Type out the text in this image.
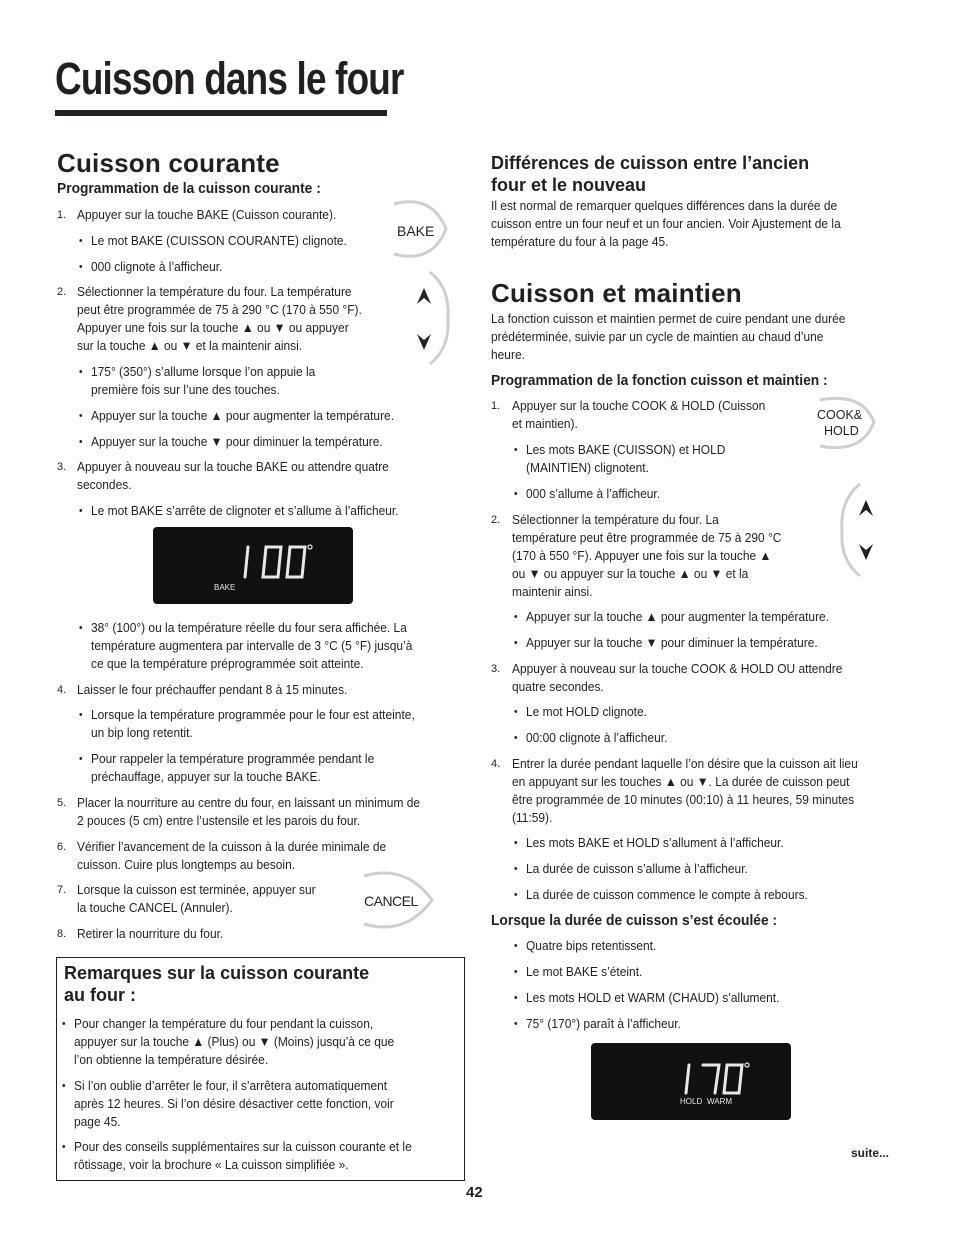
Cuisson dans le four
Cuisson courante
Programmation de la cuisson courante :
1. Appuyer sur la touche BAKE (Cuisson courante).
• Le mot BAKE (CUISSON COURANTE) clignote.
• 000 clignote à l’afficheur.
2. Sélectionner la température du four. La température
peut être programmée de 75 à 290 °C (170 à 550 °F).
Appuyer une fois sur la touche ▲ ou ▼ ou appuyer
sur la touche ▲ ou ▼ et la maintenir ainsi.
• 175° (350°) s’allume lorsque l’on appuie la
première fois sur l’une des touches.
• Appuyer sur la touche ▲ pour augmenter la température.
• Appuyer sur la touche ▼ pour diminuer la température.
3. Appuyer à nouveau sur la touche BAKE ou attendre quatre
secondes.
• Le mot BAKE s’arrête de clignoter et s’allume à l’afficheur.
BAKE
100
• 38° (100°) ou la température réelle du four sera affichée. La
température augmentera par intervalle de 3 °C (5 °F) jusqu’à
ce que la température préprogrammée soit atteinte.
4. Laisser le four préchauffer pendant 8 à 15 minutes.
• Lorsque la température programmée pour le four est atteinte,
un bip long retentit.
• Pour rappeler la température programmée pendant le
préchauffage, appuyer sur la touche BAKE.
5. Placer la nourriture au centre du four, en laissant un minimum de
2 pouces (5 cm) entre l’ustensile et les parois du four.
6. Vérifier l’avancement de la cuisson à la durée minimale de
cuisson. Cuire plus longtemps au besoin.
7. Lorsque la cuisson est terminée, appuyer sur
la touche CANCEL (Annuler).
8. Retirer la nourriture du four.
BAKE
CANCEL
Remarques sur la cuisson courante
au four :
• Pour changer la température du four pendant la cuisson,
appuyer sur la touche ▲ (Plus) ou ▼ (Moins) jusqu’à ce que
l’on obtienne la température désirée.
• Si l’on oublie d’arrêter le four, il s’arrêtera automatiquement
après 12 heures. Si l’on désire désactiver cette fonction, voir
page 45.
• Pour des conseils supplémentaires sur la cuisson courante et le
rôtissage, voir la brochure « La cuisson simplifiée ».
Différences de cuisson entre l’ancien
four et le nouveau
Il est normal de remarquer quelques différences dans la durée de
cuisson entre un four neuf et un four ancien. Voir Ajustement de la
température du four à la page 45.
Cuisson et maintien
La fonction cuisson et maintien permet de cuire pendant une durée
prédéterminée, suivie par un cycle de maintien au chaud d’une
heure.
Programmation de la fonction cuisson et maintien :
1. Appuyer sur la touche COOK & HOLD (Cuisson
et maintien).
• Les mots BAKE (CUISSON) et HOLD
(MAINTIEN) clignotent.
• 000 s’allume à l’afficheur.
2. Sélectionner la température du four. La
température peut être programmée de 75 à 290 °C
(170 à 550 °F). Appuyer une fois sur la touche ▲
ou ▼ ou appuyer sur la touche ▲ ou ▼ et la
maintenir ainsi.
• Appuyer sur la touche ▲ pour augmenter la température.
• Appuyer sur la touche ▼ pour diminuer la température.
3. Appuyer à nouveau sur la touche COOK & HOLD OU attendre
quatre secondes.
• Le mot HOLD clignote.
• 00:00 clignote à l’afficheur.
4. Entrer la durée pendant laquelle l’on désire que la cuisson ait lieu
en appuyant sur les touches ▲ ou ▼. La durée de cuisson peut
être programmée de 10 minutes (00:10) à 11 heures, 59 minutes
(11:59).
• Les mots BAKE et HOLD s’allument à l’afficheur.
• La durée de cuisson s’allume à l’afficheur.
• La durée de cuisson commence le compte à rebours.
Lorsque la durée de cuisson s’est écoulée :
• Quatre bips retentissent.
• Le mot BAKE s’éteint.
• Les mots HOLD et WARM (CHAUD) s’allument.
• 75° (170°) paraît à l’afficheur.
HOLD WARM
170
COOK&
HOLD
suite...
42
